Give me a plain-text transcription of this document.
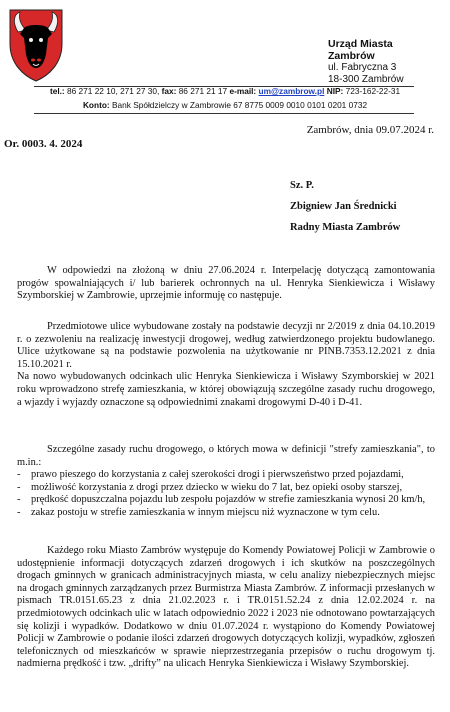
Urząd Miasta Zambrów
ul. Fabryczna 3
18-300 Zambrów
tel.: 86 271 22 10, 271 27 30, fax: 86 271 21 17 e-mail: um@zambrow.pl NIP: 723-162-22-31
Konto: Bank Spółdzielczy w Zambrowie 67 8775 0009 0010 0101 0201 0732
Zambrów, dnia 09.07.2024 r.
Or. 0003. 4. 2024
Sz. P.
Zbigniew Jan Średnicki
Radny Miasta Zambrów
W odpowiedzi na złożoną w dniu 27.06.2024 r. Interpelację dotyczącą zamontowania progów spowalniających i/ lub barierek ochronnych na ul. Henryka Sienkiewicza i Wisławy Szymborskiej w Zambrowie, uprzejmie informuję co następuje.
Przedmiotowe ulice wybudowane zostały na podstawie decyzji nr 2/2019 z dnia 04.10.2019 r. o zezwoleniu na realizację inwestycji drogowej, według zatwierdzonego projektu budowlanego. Ulice użytkowane są na podstawie pozwolenia na użytkowanie nr PINB.7353.12.2021 z dnia 15.10.2021 r.
Na nowo wybudowanych odcinkach ulic Henryka Sienkiewicza i Wisławy Szymborskiej w 2021 roku wprowadzono strefę zamieszkania, w której obowiązują szczególne zasady ruchu drogowego, a wjazdy i wyjazdy oznaczone są odpowiednimi znakami drogowymi D-40 i D-41.
Szczególne zasady ruchu drogowego, o których mowa w definicji "strefy zamieszkania", to m.in.:
- prawo pieszego do korzystania z całej szerokości drogi i pierwszeństwo przed pojazdami,
- możliwość korzystania z drogi przez dziecko w wieku do 7 lat, bez opieki osoby starszej,
- prędkość dopuszczalna pojazdu lub zespołu pojazdów w strefie zamieszkania wynosi 20 km/h,
- zakaz postoju w strefie zamieszkania w innym miejscu niż wyznaczone w tym celu.
Każdego roku Miasto Zambrów występuje do Komendy Powiatowej Policji w Zambrowie o udostępnienie informacji dotyczących zdarzeń drogowych i ich skutków na poszczególnych drogach gminnych w granicach administracyjnych miasta, w celu analizy niebezpiecznych miejsc na drogach gminnych zarządzanych przez Burmistrza Miasta Zambrów. Z informacji przesłanych w pismach TR.0151.65.23 z dnia 21.02.2023 r. i TR.0151.52.24 z dnia 12.02.2024 r. na przedmiotowych odcinkach ulic w latach odpowiednio 2022 i 2023 nie odnotowano powtarzających się kolizji i wypadków. Dodatkowo w dniu 01.07.2024 r. wystąpiono do Komendy Powiatowej Policji w Zambrowie o podanie ilości zdarzeń drogowych dotyczących kolizji, wypadków, zgłoszeń telefonicznych od mieszkańców w sprawie nieprzestrzegania przepisów o ruchu drogowym tj. nadmierna prędkość i tzw. „drifty” na ulicach Henryka Sienkiewicza i Wisławy Szymborskiej.
